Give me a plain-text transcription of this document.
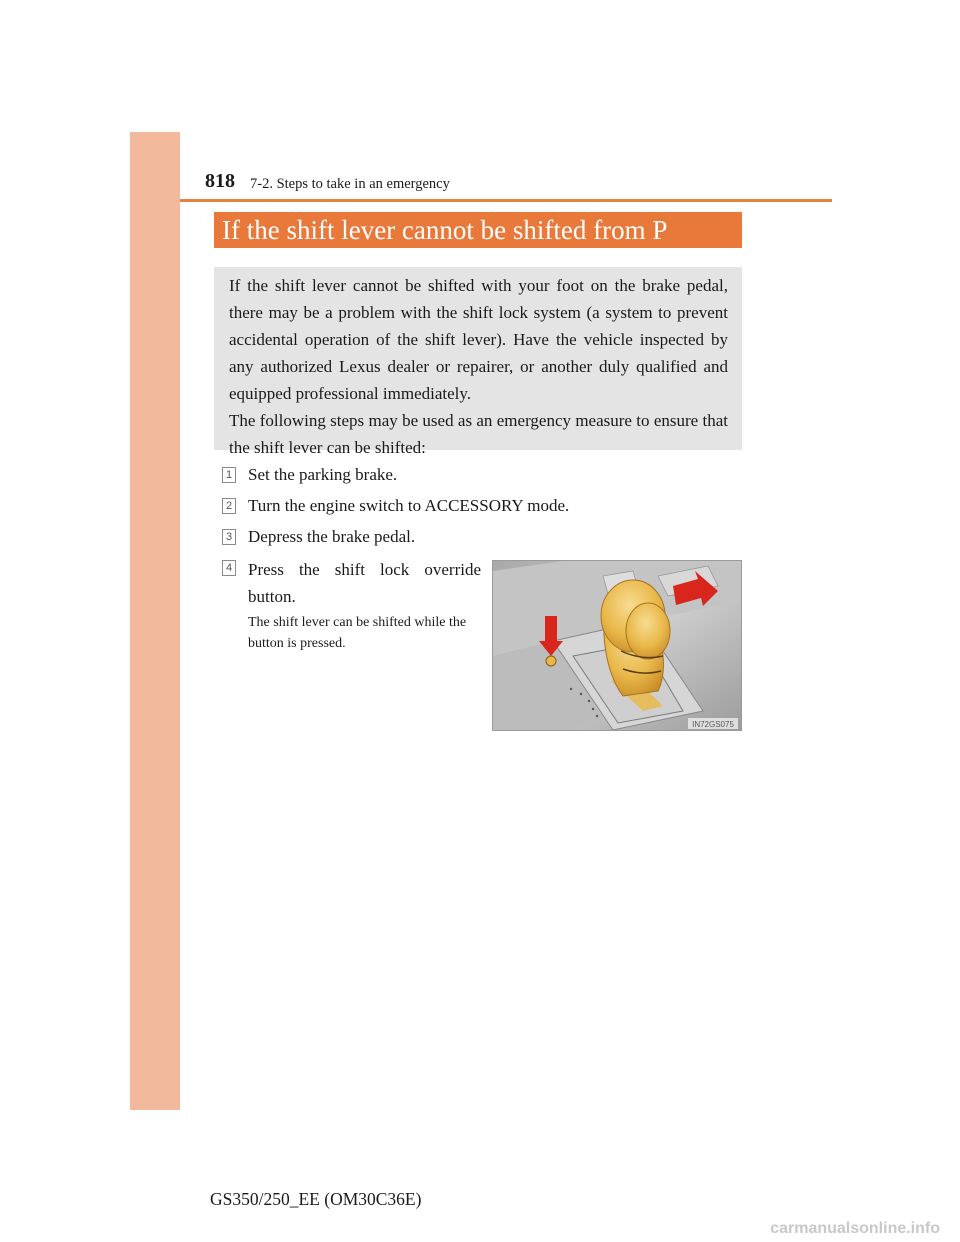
818 7-2. Steps to take in an emergency
If the shift lever cannot be shifted from P

If the shift lever cannot be shifted with your foot on the brake pedal, there may be a problem with the shift lock system (a system to prevent accidental operation of the shift lever). Have the vehicle inspected by any authorized Lexus dealer or repairer, or another duly qualified and equipped professional immediately.

The following steps may be used as an emergency measure to ensure that the shift lever can be shifted:

1 Set the parking brake.
2 Turn the engine switch to ACCESSORY mode.
3 Depress the brake pedal.
4 Press the shift lock override
button.
The shift lever can be shifted while the button is pressed.
IN72GS075
GS350/250_EE (OM30C36E)
carmanualsonline.info
